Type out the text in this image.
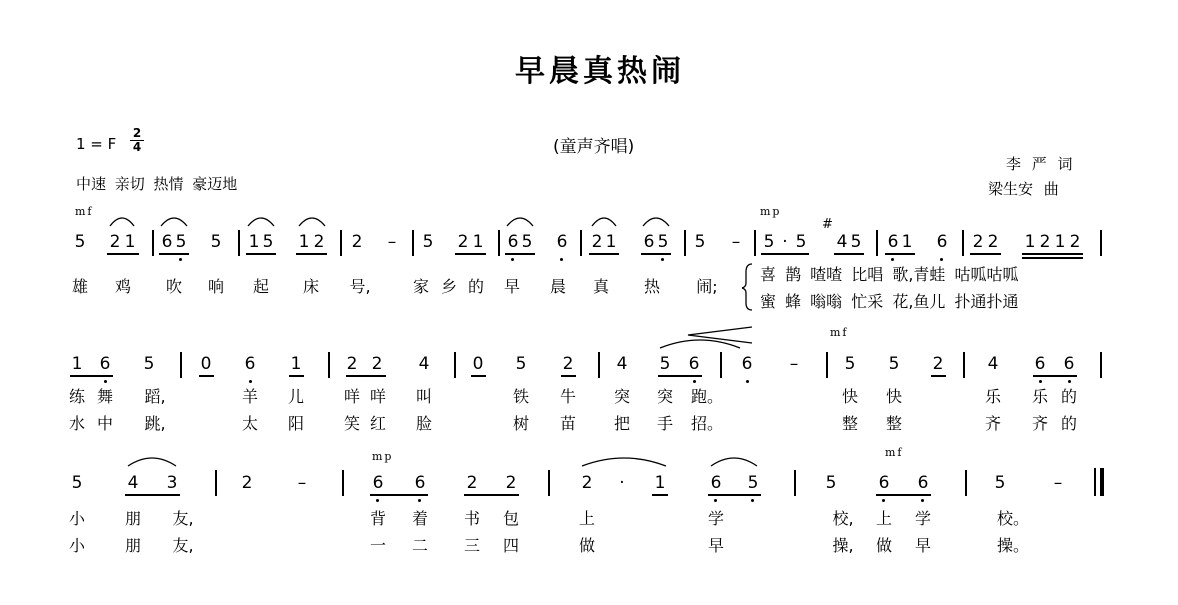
早晨真热闹
1 = F
2
4	(童声齐唱)
中速 亲切 热情 豪迈地
李 严 词
梁生安 曲
mf	mp
#
mf
mp	mf
5 2 1 6 5 5 1 5 1 2 2	–	5 2 1 6 5 6 2 1 6 5 5	–	5 · 5 4 5 6 1 6 2 2 1 2 1 2
雄 鸡 吹 响 起 床 号,	家 乡 的 早 晨 真 热	闹;
喜 鹊 喳喳 比唱 歌,青蛙 咕呱咕呱
蜜 蜂 嗡嗡 忙采 花,鱼儿 扑通扑通
1 6 5	0 6 1	2 2 4	0 5 2	4 5 6 6	–	5 5 2	4 6 6
练 舞 蹈,	羊 儿 咩 咩 叫	铁 牛 突 突 跑。	快 快	乐 乐 的
水 中 跳,	太 阳 笑 红 脸	树 苗 把 手 招。	整 整	齐 齐 的
5	4 3	2	–	6 6 2 2	2	·	1	6 5	5 6 6	5	–
小 朋	友,	背 着 书 包	上	学	校,	上 学	校。
小 朋	友,	一 二 三 四	做	早	操,	做 早	操。
